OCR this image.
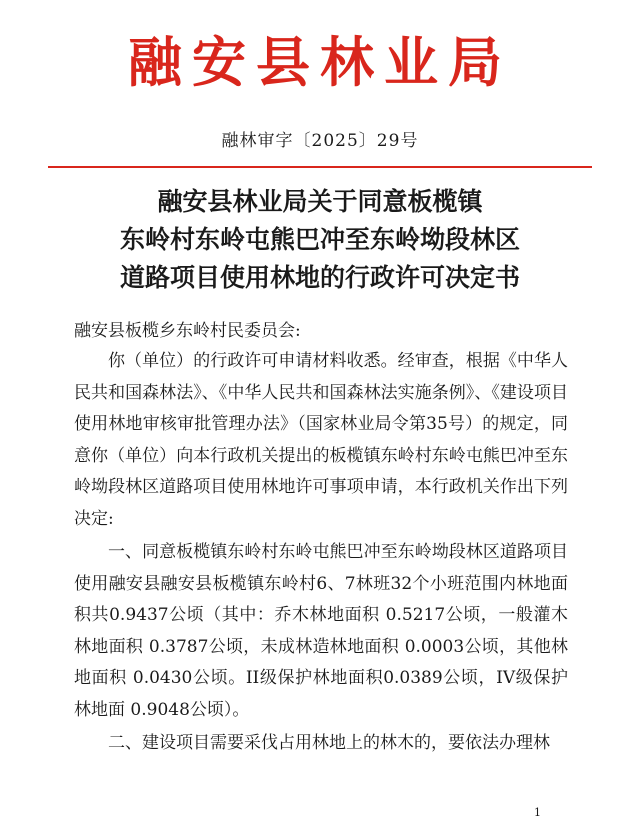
融安县林业局
融林审字〔2025〕29号
融安县林业局关于同意板榄镇
东岭村东岭屯熊巴冲至东岭坳段林区
道路项目使用林地的行政许可决定书
融安县板榄乡东岭村民委员会:
你（单位）的行政许可申请材料收悉。经审查，根据《中华人民共和国森林法》、《中华人民共和国森林法实施条例》、《建设项目使用林地审核审批管理办法》（国家林业局令第35号）的规定，同意你（单位）向本行政机关提出的板榄镇东岭村东岭屯熊巴冲至东岭坳段林区道路项目使用林地许可事项申请，本行政机关作出下列决定:
一、同意板榄镇东岭村东岭屯熊巴冲至东岭坳段林区道路项目使用融安县融安县板榄镇东岭村6、7林班32个小班范围内林地面积共0.9437公顷（其中：乔木林地面积 0.5217公顷，一般灌木林地面积 0.3787公顷，未成林造林地面积 0.0003公顷，其他林地面积 0.0430公顷。II级保护林地面积0.0389公顷，IV级保护林地面 0.9048公顷）。
二、建设项目需要采伐占用林地上的林木的，要依法办理林
1
